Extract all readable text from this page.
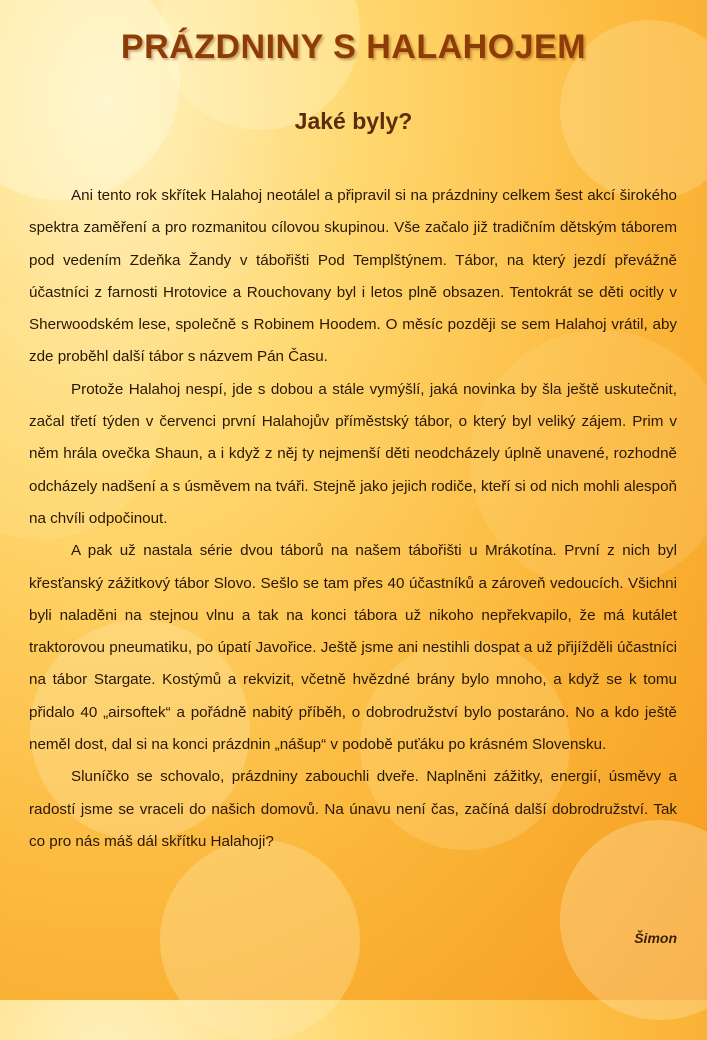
PRÁZDNINY S HALAHOJEM
Jaké byly?

Ani tento rok skřítek Halahoj neotálel a připravil si na prázdniny celkem šest akcí širokého spektra zaměření a pro rozmanitou cílovou skupinou. Vše začalo již tradičním dětským táborem pod vedením Zdeňka Žandy v tábořišti Pod Templštýnem. Tábor, na který jezdí převážně účastníci z farnosti Hrotovice a Rouchovany byl i letos plně obsazen. Tentokrát se děti ocitly v Sherwoodském lese, společně s Robinem Hoodem. O měsíc později se sem Halahoj vrátil, aby zde proběhl další tábor s názvem Pán Času.

Protože Halahoj nespí, jde s dobou a stále vymýšlí, jaká novinka by šla ještě uskutečnit, začal třetí týden v červenci první Halahojův příměstský tábor, o který byl veliký zájem. Prim v něm hrála ovečka Shaun, a i když z něj ty nejmenší děti neodcházely úplně unavené, rozhodně odcházely nadšení a s úsměvem na tváři. Stejně jako jejich rodiče, kteří si od nich mohli alespoň na chvíli odpočinout.

A pak už nastala série dvou táborů na našem tábořišti u Mrákotína. První z nich byl křesťanský zážitkový tábor Slovo. Sešlo se tam přes 40 účastníků a zároveň vedoucích. Všichni byli naladěni na stejnou vlnu a tak na konci tábora už nikoho nepřekvapilo, že má kutálet traktorovou pneumatiku, po úpatí Javořice. Ještě jsme ani nestihli dospat a už přijížděli účastníci na tábor Stargate. Kostýmů a rekvizit, včetně hvězdné brány bylo mnoho, a když se k tomu přidalo 40 „airsoftek“ a pořádně nabitý příběh, o dobrodružství bylo postaráno. No a kdo ještě neměl dost, dal si na konci prázdnin „nášup“ v podobě puťáku po krásném Slovensku.

Sluníčko se schovalo, prázdniny zabouchli dveře. Naplněni zážitky, energií, úsměvy a radostí jsme se vraceli do našich domovů. Na únavu není čas, začíná další dobrodružství. Tak co pro nás máš dál skřítku Halahoji?

Šimon
